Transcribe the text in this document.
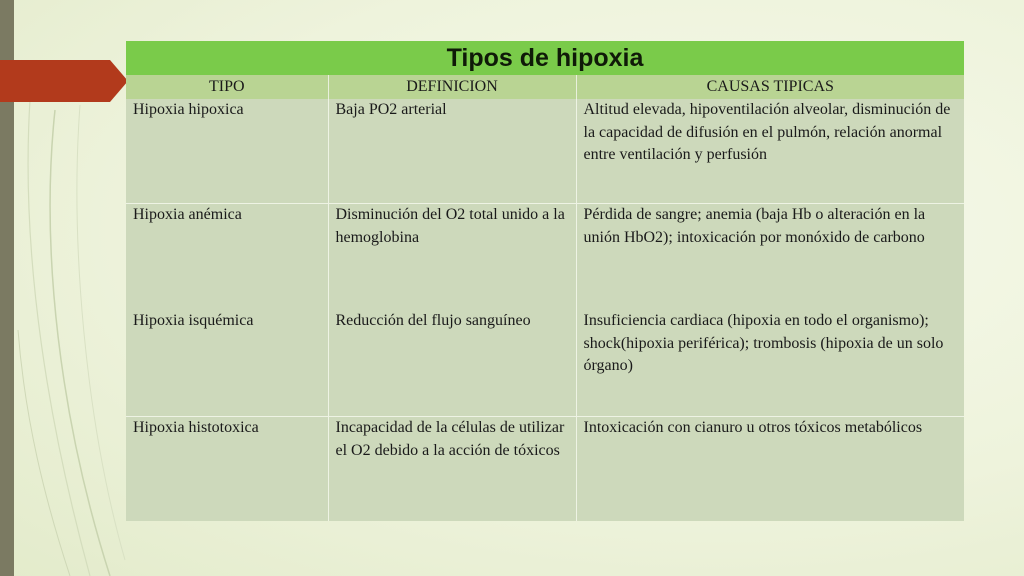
Tipos de hipoxia
TIPO	DEFINICION	CAUSAS TIPICAS

Hipoxia hipoxica	Baja PO2 arterial	Altitud elevada, hipoventilación alveolar, disminución de la capacidad de difusión en el pulmón, relación anormal entre ventilación y perfusión

Hipoxia anémica	Disminución del O2 total unido a la hemoglobina	Pérdida de sangre; anemia (baja Hb o alteración en la unión HbO2); intoxicación por monóxido de carbono

Hipoxia isquémica	Reducción del flujo sanguíneo	Insuficiencia cardiaca (hipoxia en todo el organismo); shock(hipoxia periférica); trombosis (hipoxia de un solo órgano)

Hipoxia histotoxica	Incapacidad de la células de utilizar el O2 debido a la acción de tóxicos	Intoxicación con cianuro u otros tóxicos metabólicos
